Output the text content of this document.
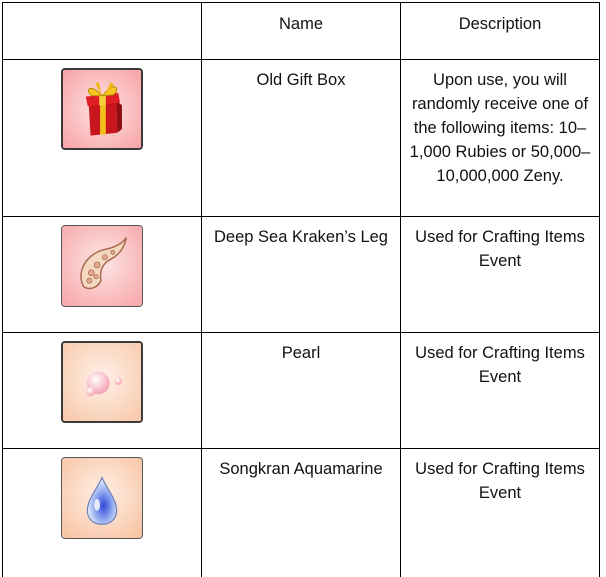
	Name	Description

	Old Gift Box	Upon use, you will randomly receive one of the following items: 10–1,000 Rubies or 50,000–10,000,000 Zeny.

	Deep Sea Kraken’s Leg	Used for Crafting Items Event

	Pearl	Used for Crafting Items Event

	Songkran Aquamarine	Used for Crafting Items Event
